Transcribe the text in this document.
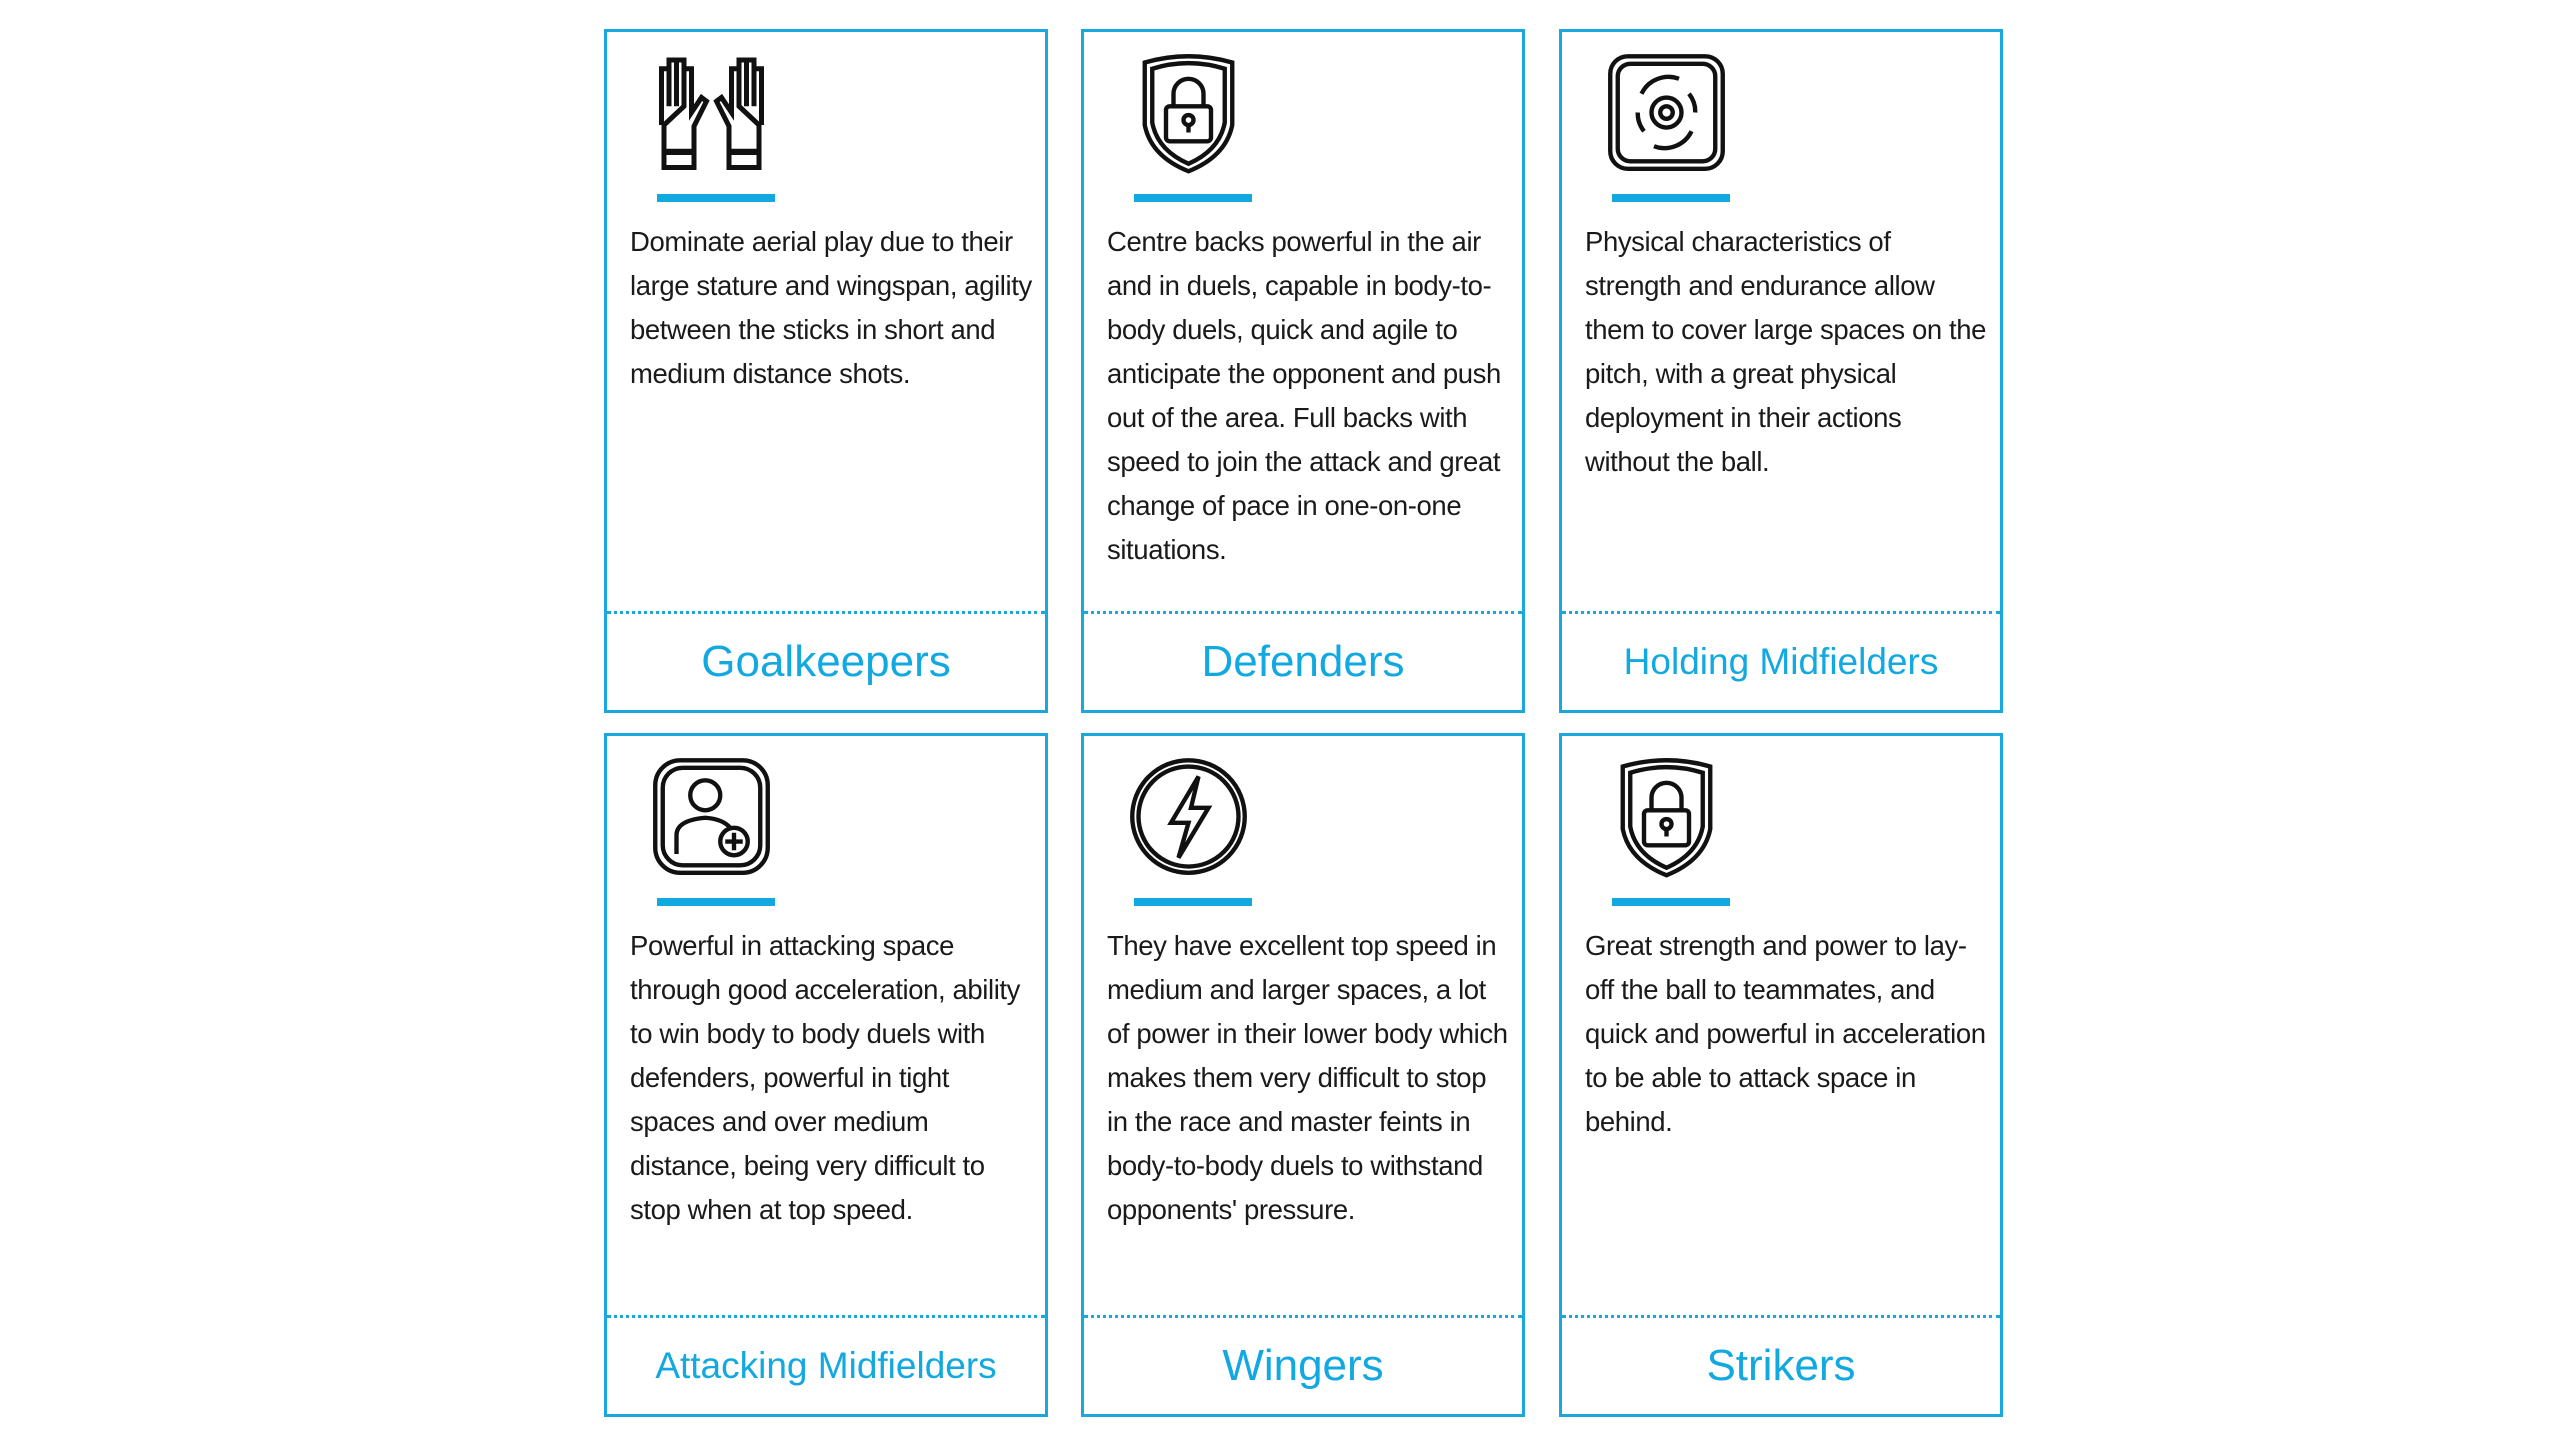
Dominate aerial play due to their large stature and wingspan, agility between the sticks in short and medium distance shots.
Goalkeepers
Centre backs powerful in the air and in duels, capable in body-to-body duels, quick and agile to anticipate the opponent and push out of the area. Full backs with speed to join the attack and great change of pace in one-on-one situations.
Defenders
Physical characteristics of strength and endurance allow them to cover large spaces on the pitch, with a great physical deployment in their actions without the ball.
Holding Midfielders
Powerful in attacking space through good acceleration, ability to win body to body duels with defenders, powerful in tight spaces and over medium distance, being very difficult to stop when at top speed.
Attacking Midfielders
They have excellent top speed in medium and larger spaces, a lot of power in their lower body which makes them very difficult to stop in the race and master feints in body-to-body duels to withstand opponents' pressure.
Wingers
Great strength and power to lay-off the ball to teammates, and quick and powerful in acceleration to be able to attack space in behind.
Strikers
